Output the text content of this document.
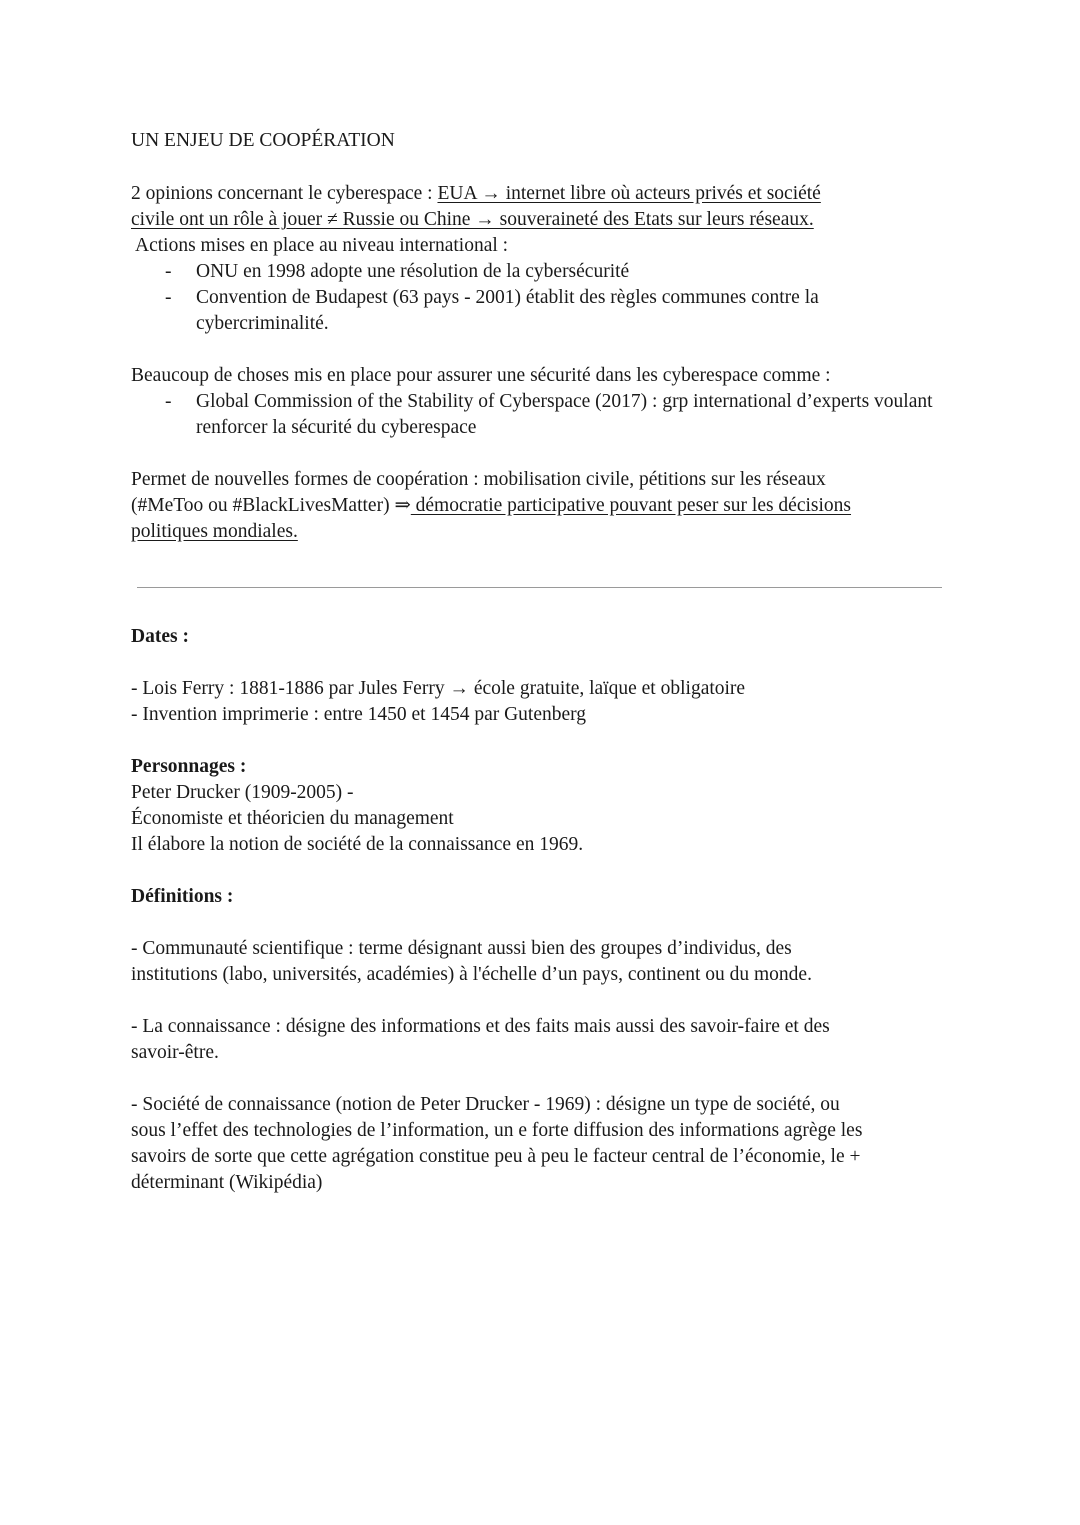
UN ENJEU DE COOPÉRATION
2 opinions concernant le cyberespace : EUA → internet libre où acteurs privés et société
civile ont un rôle à jouer ≠ Russie ou Chine → souveraineté des Etats sur leurs réseaux.
Actions mises en place au niveau international :
- ONU en 1998 adopte une résolution de la cybersécurité
- Convention de Budapest (63 pays - 2001) établit des règles communes contre la cybercriminalité.
Beaucoup de choses mis en place pour assurer une sécurité dans les cyberespace comme :
- Global Commission of the Stability of Cyberspace (2017) : grp international d’experts voulant renforcer la sécurité du cyberespace
Permet de nouvelles formes de coopération : mobilisation civile, pétitions sur les réseaux
(#MeToo ou #BlackLivesMatter) ⇒ démocratie participative pouvant peser sur les décisions
politiques mondiales.
Dates :
- Lois Ferry : 1881-1886 par Jules Ferry → école gratuite, laïque et obligatoire
- Invention imprimerie : entre 1450 et 1454 par Gutenberg
Personnages :
Peter Drucker (1909-2005) -
Économiste et théoricien du management
Il élabore la notion de société de la connaissance en 1969.
Définitions :
- Communauté scientifique : terme désignant aussi bien des groupes d’individus, des
institutions (labo, universités, académies) à l'échelle d’un pays, continent ou du monde.
- La connaissance : désigne des informations et des faits mais aussi des savoir-faire et des
savoir-être.
- Société de connaissance (notion de Peter Drucker - 1969) : désigne un type de société, ou
sous l’effet des technologies de l’information, un e forte diffusion des informations agrège les
savoirs de sorte que cette agrégation constitue peu à peu le facteur central de l’économie, le +
déterminant (Wikipédia)
